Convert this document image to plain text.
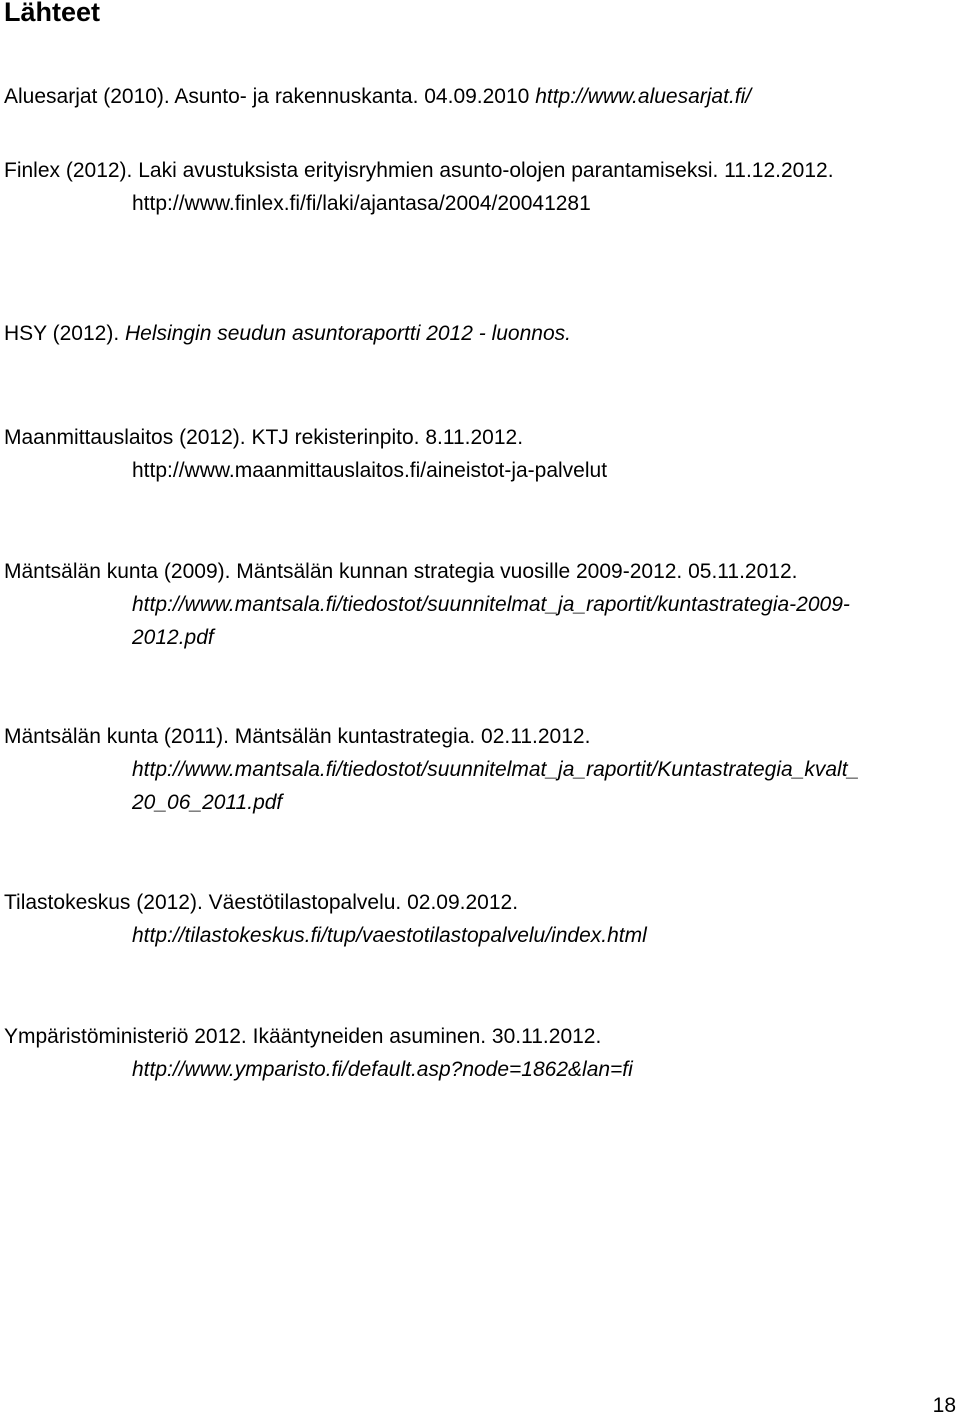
Lähteet
Aluesarjat (2010). Asunto- ja rakennuskanta. 04.09.2010 http://www.aluesarjat.fi/
Finlex (2012). Laki avustuksista erityisryhmien asunto-olojen parantamiseksi. 11.12.2012.
http://www.finlex.fi/fi/laki/ajantasa/2004/20041281
HSY (2012). Helsingin seudun asuntoraportti 2012 - luonnos.
Maanmittauslaitos (2012). KTJ rekisterinpito. 8.11.2012.
http://www.maanmittauslaitos.fi/aineistot-ja-palvelut
Mäntsälän kunta (2009). Mäntsälän kunnan strategia vuosille 2009-2012. 05.11.2012.
http://www.mantsala.fi/tiedostot/suunnitelmat_ja_raportit/kuntastrategia-2009-
2012.pdf
Mäntsälän kunta (2011). Mäntsälän kuntastrategia. 02.11.2012.
http://www.mantsala.fi/tiedostot/suunnitelmat_ja_raportit/Kuntastrategia_kvalt_
20_06_2011.pdf
Tilastokeskus (2012). Väestötilastopalvelu. 02.09.2012.
http://tilastokeskus.fi/tup/vaestotilastopalvelu/index.html
Ympäristöministeriö 2012. Ikääntyneiden asuminen. 30.11.2012.
http://www.ymparisto.fi/default.asp?node=1862&lan=fi
18
